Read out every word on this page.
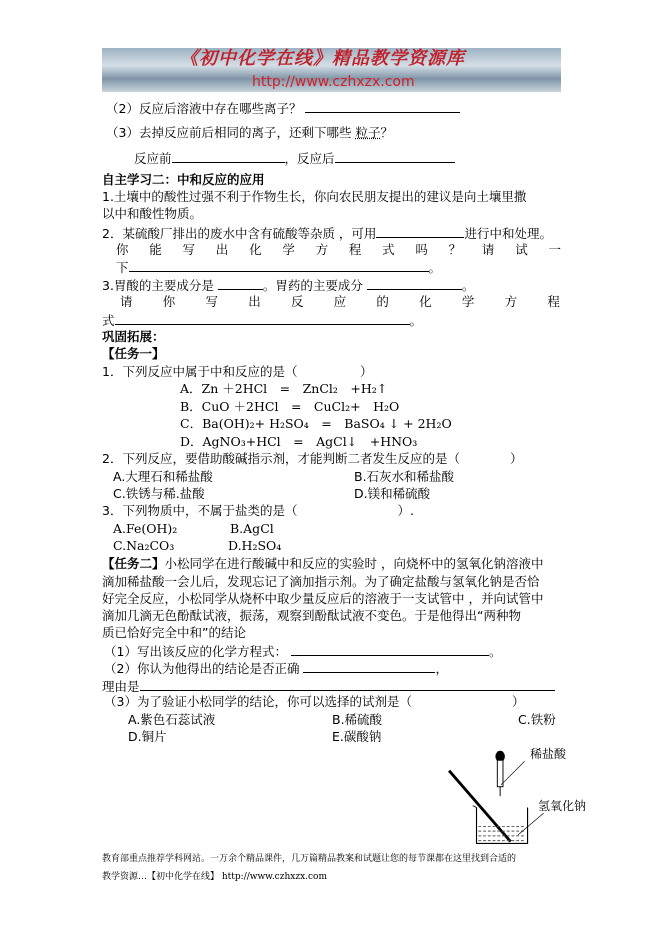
《初中化学在线》精品教学资源库
http://www.czhxzx.com
（2）反应后溶液中存在哪些离子？
（3）去掉反应前后相同的离子，还剩下哪些 粒子？
反应前	，反应后
自主学习二：中和反应的应用
1.土壤中的酸性过强不利于作物生长，你向农民朋友提出的建议是向土壤里撒
以中和酸性物质。
2．某硫酸厂排出的废水中含有硫酸等杂质 ，可用	进行中和处理。
你 能 写 出 化 学 方 程 式 吗 ？ 请 试 一
下	。
3.胃酸的主要成分是	。胃药的主要成分	。
请 你 写 出 反 应 的 化 学 方 程
式	。
巩固拓展：
【任务一】
1．下列反应中属于中和反应的是（　　　　　）
A．Zn ＋2HCl　=　ZnCl₂　+H₂↑
B．CuO ＋2HCl　=　CuCl₂+　H₂O
C．Ba(OH)₂+ H₂SO₄　=　BaSO₄ ↓ + 2H₂O
D．AgNO₃+HCl　=　AgCl↓　+HNO₃
2．下列反应，要借助酸碱指示剂，才能判断二者发生反应的是（　　　　）
A.大理石和稀盐酸	B.石灰水和稀盐酸
C.铁锈与稀.盐酸	D.镁和稀硫酸
3．下列物质中，不属于盐类的是（　　　　　　　　）.
A.Fe(OH)₂	B.AgCl
C.Na₂CO₃	D.H₂SO₄
【任务二】小松同学在进行酸碱中和反应的实验时 ，向烧杯中的氢氧化钠溶液中
滴加稀盐酸一会儿后，发现忘记了滴加指示剂。为了确定盐酸与氢氧化钠是否恰
好完全反应，小松同学从烧杯中取少量反应后的溶液于一支试管中 ，并向试管中
滴加几滴无色酚酞试液，振荡，观察到酚酞试液不变色。于是他得出“两种物
质已恰好完全中和”的结论
（1）写出该反应的化学方程式：	。
（2）你认为他得出的结论是否正确	，
理由是
（3）为了验证小松同学的结论，你可以选择的试剂是（　　　　　　　　）
A.紫色石蕊试液	B.稀硫酸	C.铁粉
D.铜片	E.碳酸钠
稀盐酸
氢氧化钠
教育部重点推荐学科网站。一万余个精品课件，几万篇精品教案和试题让您的每节课都在这里找到合适的
教学资源…【初中化学在线】 http://www.czhxzx.com
